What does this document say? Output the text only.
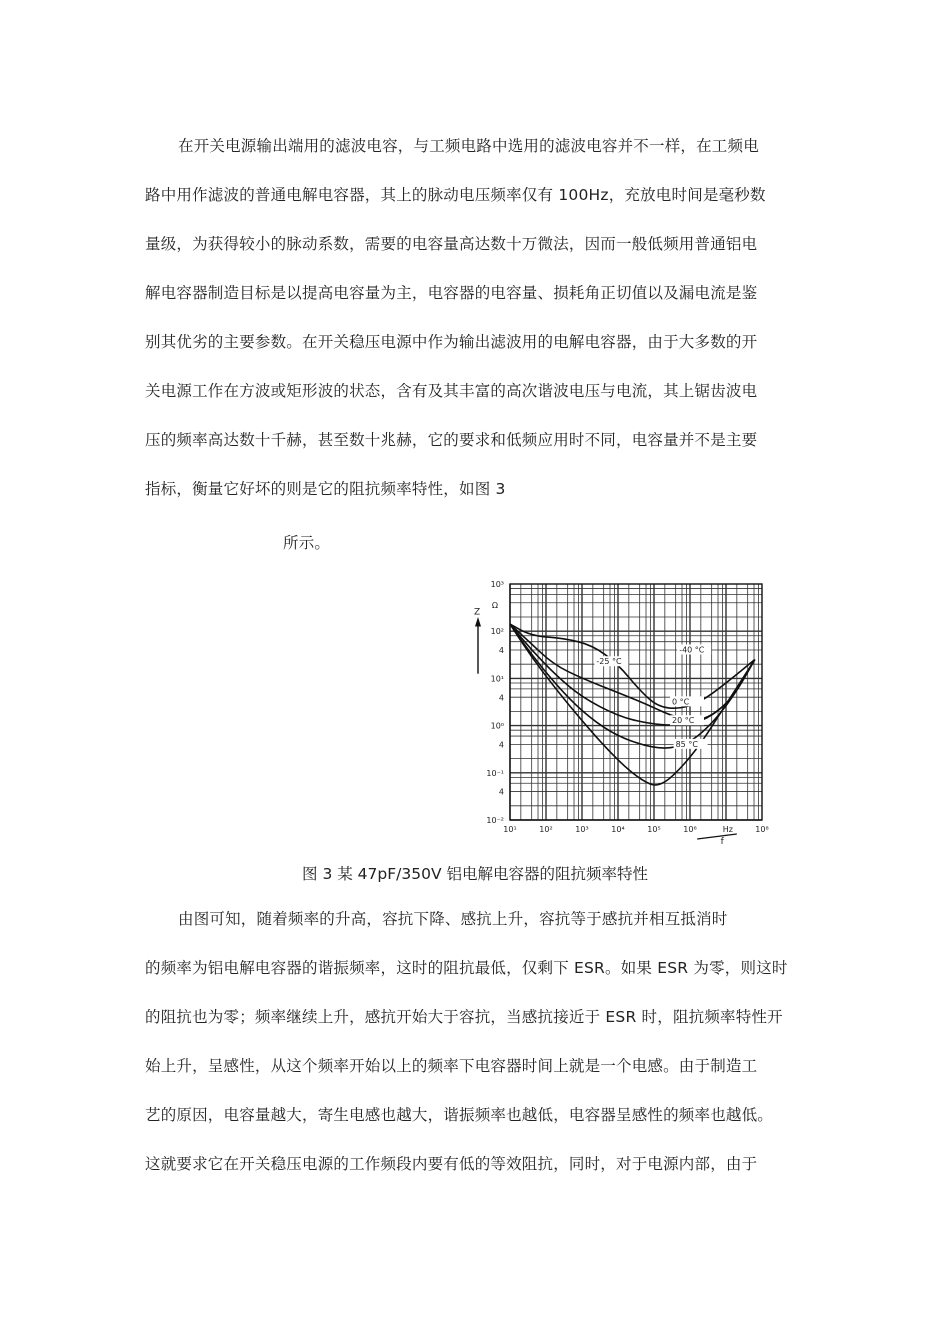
在开关电源输出端用的滤波电容，与工频电路中选用的滤波电容并不一样，在工频电
路中用作滤波的普通电解电容器，其上的脉动电压频率仅有 100Hz，充放电时间是毫秒数
量级，为获得较小的脉动系数，需要的电容量高达数十万微法，因而一般低频用普通铝电
解电容器制造目标是以提高电容量为主，电容器的电容量、损耗角正切值以及漏电流是鉴
别其优劣的主要参数。在开关稳压电源中作为输出滤波用的电解电容器，由于大多数的开
关电源工作在方波或矩形波的状态，含有及其丰富的高次谐波电压与电流，其上锯齿波电
压的频率高达数十千赫，甚至数十兆赫，它的要求和低频应用时不同，电容量并不是主要
指标，衡量它好坏的则是它的阻抗频率特性，如图 3
所示。
10³
10²
4
10¹
4
10⁰
4
10⁻¹
4
10⁻²
10¹	10²	10³	10⁴	10⁵	10⁶	10⁸
Hz
f
Ω
Z
-40 °C
-25 °C
0 °C
20 °C
85 °C
图 3 某 47pF/350V 铝电解电容器的阻抗频率特性
由图可知，随着频率的升高，容抗下降、感抗上升，容抗等于感抗并相互抵消时
的频率为铝电解电容器的谐振频率，这时的阻抗最低，仅剩下 ESR。如果 ESR 为零，则这时
的阻抗也为零；频率继续上升，感抗开始大于容抗，当感抗接近于 ESR 时，阻抗频率特性开
始上升，呈感性，从这个频率开始以上的频率下电容器时间上就是一个电感。由于制造工
艺的原因，电容量越大，寄生电感也越大，谐振频率也越低，电容器呈感性的频率也越低。
这就要求它在开关稳压电源的工作频段内要有低的等效阻抗，同时，对于电源内部，由于
